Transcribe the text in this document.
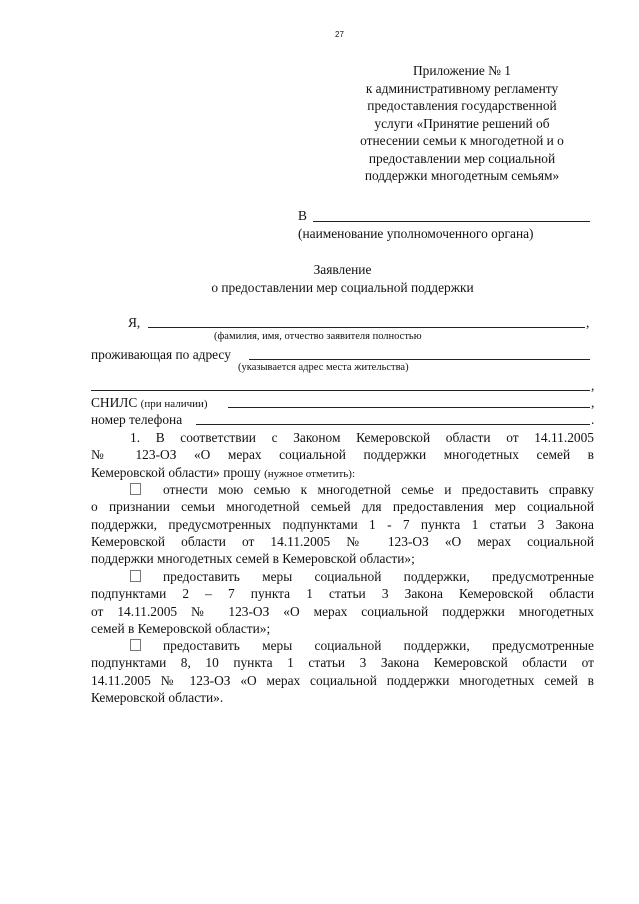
27
Приложение № 1
к административному регламенту
предоставления государственной
услуги «Принятие решений об
отнесении семьи к многодетной и о
предоставлении мер социальной
поддержки многодетным семьям»
В
(наименование уполномоченного органа)
Заявление
о предоставлении мер социальной поддержки
Я,	,
(фамилия, имя, отчество заявителя полностью
проживающая по адресу
(указывается адрес места жительства)
,
СНИЛС (при наличии)	,
номер телефона	.
1. В соответствии с Законом Кемеровской области от 14.11.2005
№ 123-ОЗ «О мерах социальной поддержки многодетных семей в
Кемеровской области» прошу (нужное отметить):
отнести мою семью к многодетной семье и предоставить справку
о признании семьи многодетной семьей для предоставления мер социальной
поддержки, предусмотренных подпунктами 1 - 7 пункта 1 статьи 3 Закона
Кемеровской области от 14.11.2005 № 123-ОЗ «О мерах социальной
поддержки многодетных семей в Кемеровской области»;
предоставить меры социальной поддержки, предусмотренные
подпунктами 2 – 7 пункта 1 статьи 3 Закона Кемеровской области
от 14.11.2005 № 123-ОЗ «О мерах социальной поддержки многодетных
семей в Кемеровской области»;
предоставить меры социальной поддержки, предусмотренные
подпунктами 8, 10 пункта 1 статьи 3 Закона Кемеровской области от
14.11.2005 № 123-ОЗ «О мерах социальной поддержки многодетных семей в
Кемеровской области».
